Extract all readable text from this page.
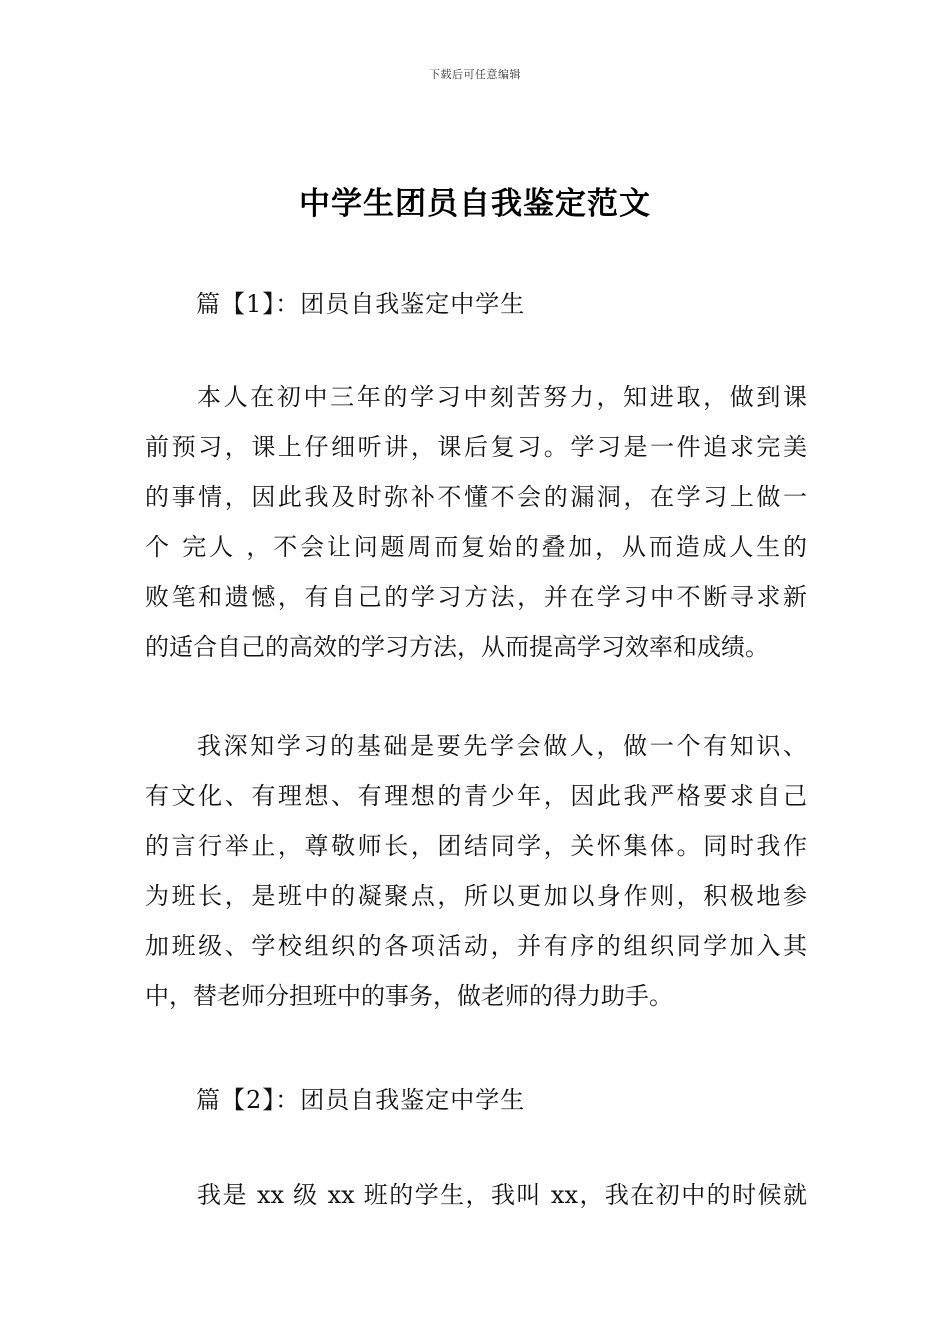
下载后可任意编辑
中学生团员自我鉴定范文
篇【1】：团员自我鉴定中学生
本人在初中三年的学习中刻苦努力，知进取，做到课
前预习，课上仔细听讲，课后复习。学习是一件追求完美
的事情，因此我及时弥补不懂不会的漏洞，在学习上做一
个 完人 ，不会让问题周而复始的叠加，从而造成人生的
败笔和遗憾，有自己的学习方法，并在学习中不断寻求新
的适合自己的高效的学习方法，从而提高学习效率和成绩。
我深知学习的基础是要先学会做人，做一个有知识、
有文化、有理想、有理想的青少年，因此我严格要求自己
的言行举止，尊敬师长，团结同学，关怀集体。同时我作
为班长，是班中的凝聚点，所以更加以身作则，积极地参
加班级、学校组织的各项活动，并有序的组织同学加入其
中，替老师分担班中的事务，做老师的得力助手。
篇【2】：团员自我鉴定中学生
我是 xx 级 xx 班的学生，我叫 xx，我在初中的时候就
